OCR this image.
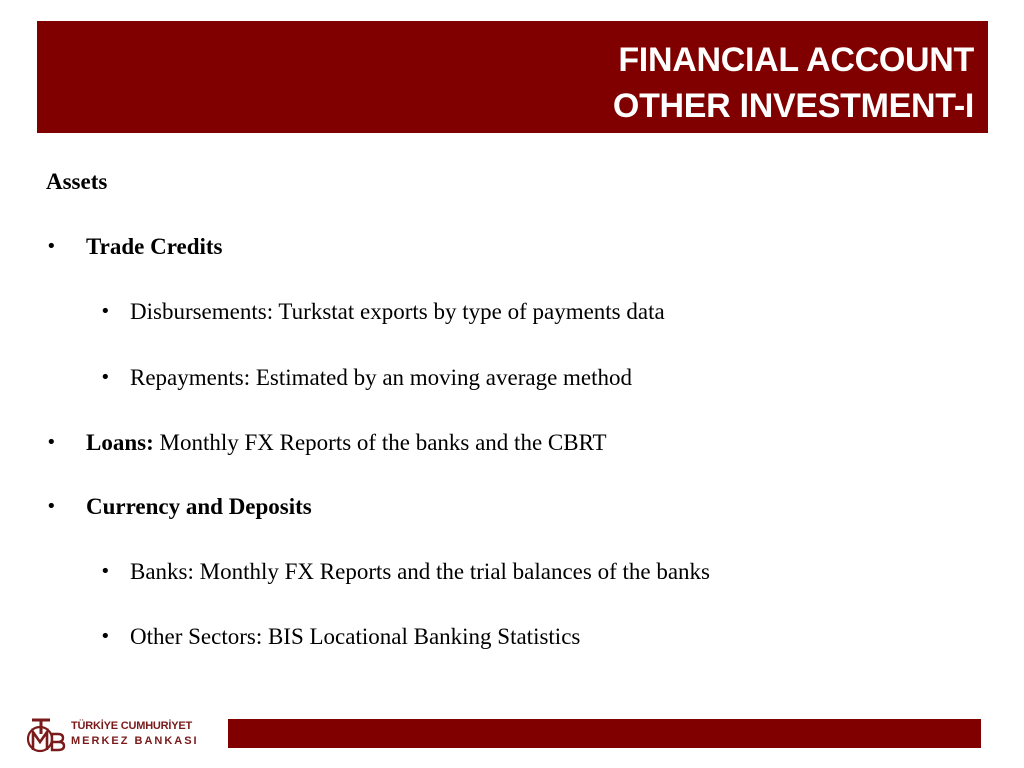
FINANCIAL ACCOUNT
OTHER INVESTMENT-I
Assets
• Trade Credits
• Disbursements: Turkstat exports by type of payments data
• Repayments: Estimated by an moving average method
• Loans: Monthly FX Reports of the banks and the CBRT
• Currency and Deposits
• Banks: Monthly FX Reports and the trial balances of the banks
• Other Sectors: BIS Locational Banking Statistics
TÜRKİYE CUMHURİYET
MERKEZ BANKASI
